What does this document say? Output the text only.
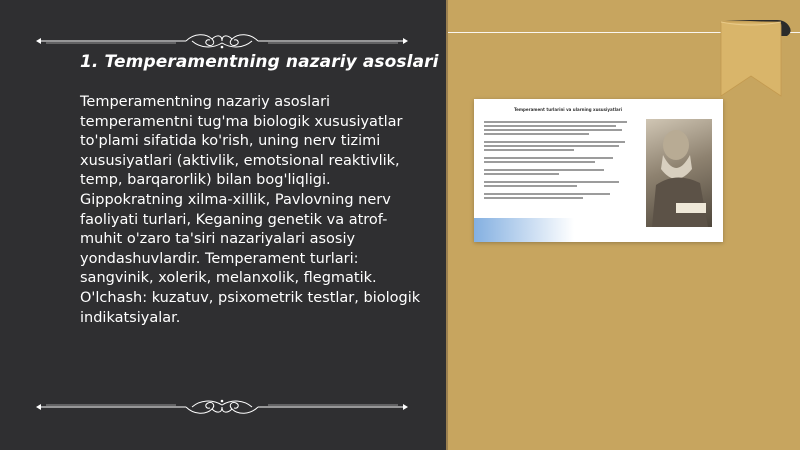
1. Temperamentning nazariy asoslari

Temperamentning nazariy asoslari temperamentni tug'ma biologik xususiyatlar to'plami sifatida ko'rish, uning nerv tizimi xususiyatlari (aktivlik, emotsional reaktivlik, temp, barqarorlik) bilan bog'liqligi. Gippokratning xilma-xillik, Pavlovning nerv faoliyati turlari, Keganing genetik va atrof-muhit o'zaro ta'siri nazariyalari asosiy yondashuvlardir. Temperament turlari: sangvinik, xolerik, melanxolik, flegmatik. O'lchash: kuzatuv, psixometrik testlar, biologik indikatsiyalar.

Temperament turlarini va ularning xususiyatlari
